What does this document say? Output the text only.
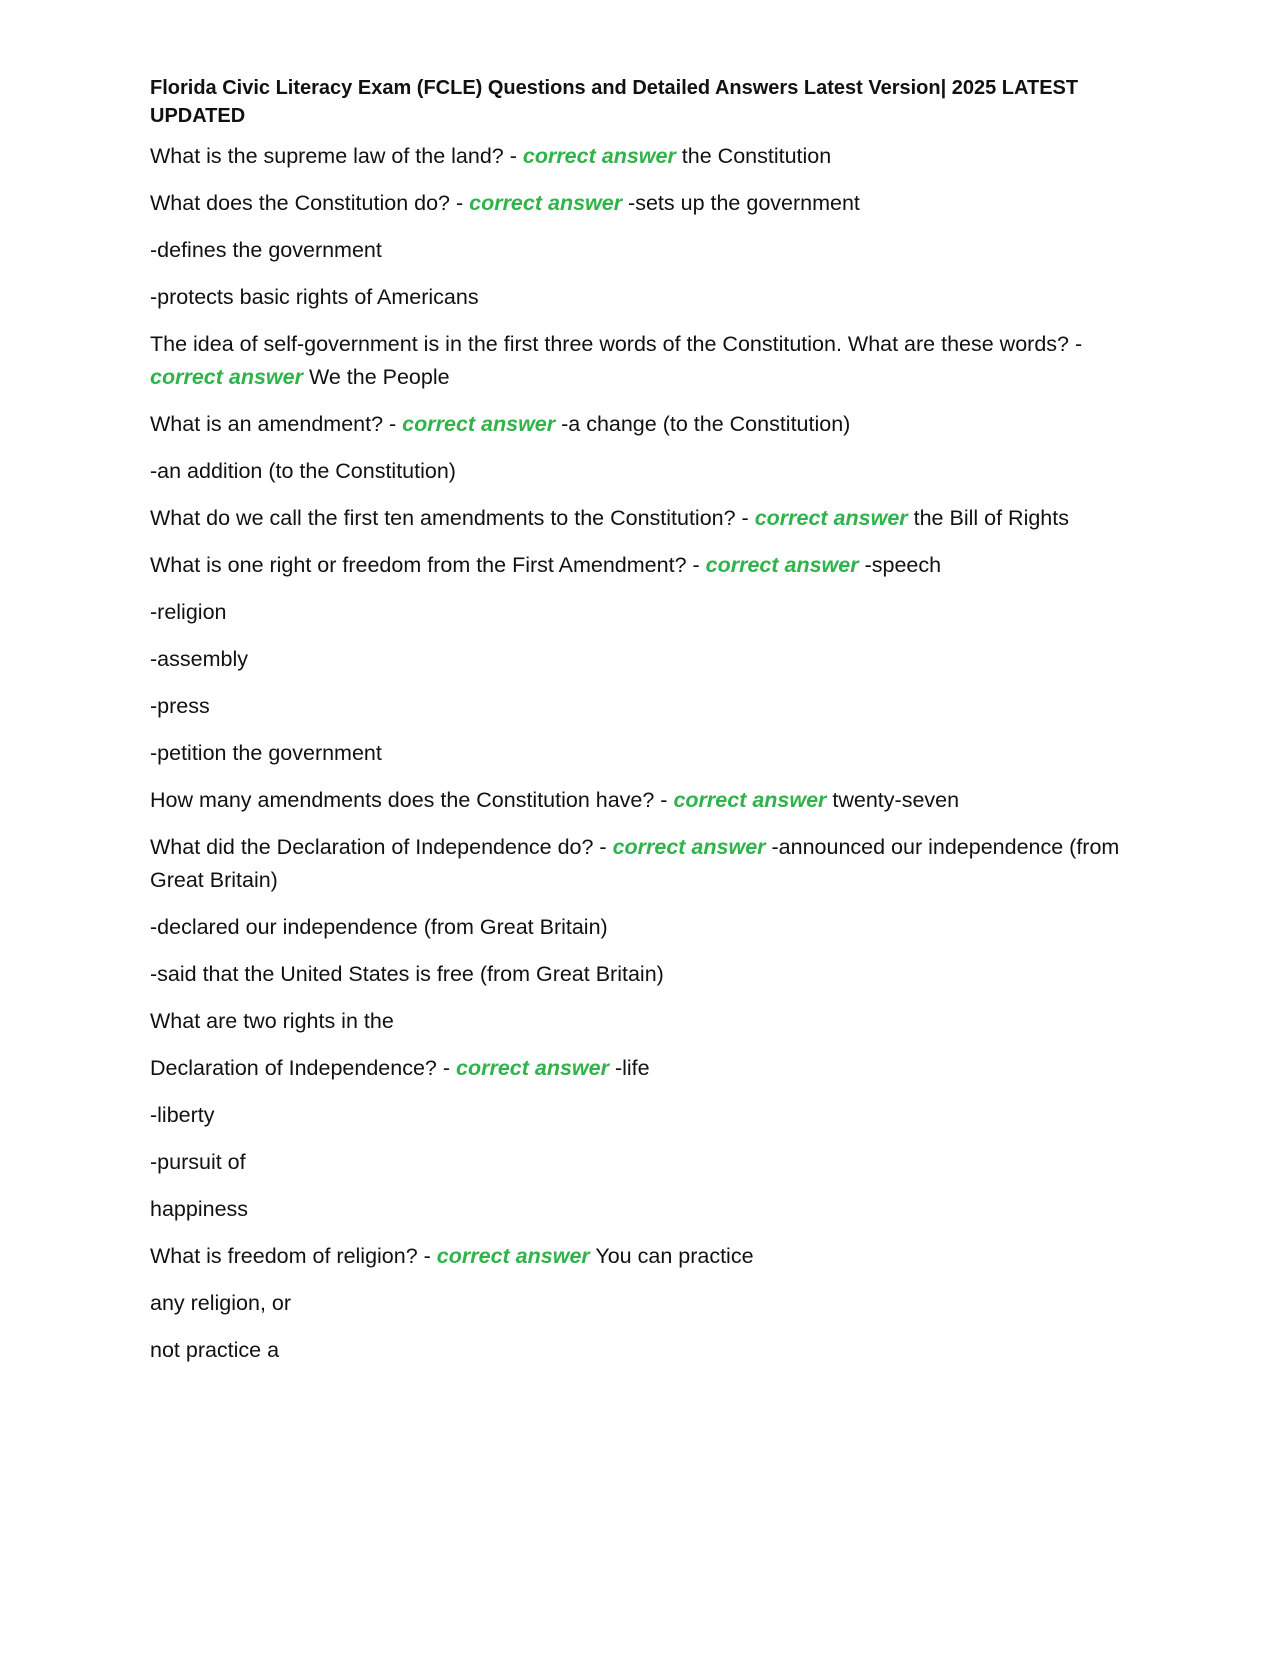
Florida Civic Literacy Exam (FCLE) Questions and Detailed Answers Latest Version| 2025 LATEST UPDATED
What is the supreme law of the land? - correct answer the Constitution
What does the Constitution do? - correct answer -sets up the government
-defines the government
-protects basic rights of Americans
The idea of self-government is in the first three words of the Constitution. What are these words? - correct answer We the People
What is an amendment? - correct answer -a change (to the Constitution)
-an addition (to the Constitution)
What do we call the first ten amendments to the Constitution? - correct answer the Bill of Rights
What is one right or freedom from the First Amendment? - correct answer -speech
-religion
-assembly
-press
-petition the government
How many amendments does the Constitution have? - correct answer twenty-seven
What did the Declaration of Independence do? - correct answer -announced our independence (from Great Britain)
-declared our independence (from Great Britain)
-said that the United States is free (from Great Britain)
What are two rights in the
Declaration of Independence? - correct answer -life
-liberty
-pursuit of
happiness
What is freedom of religion? - correct answer You can practice
any religion, or
not practice a
